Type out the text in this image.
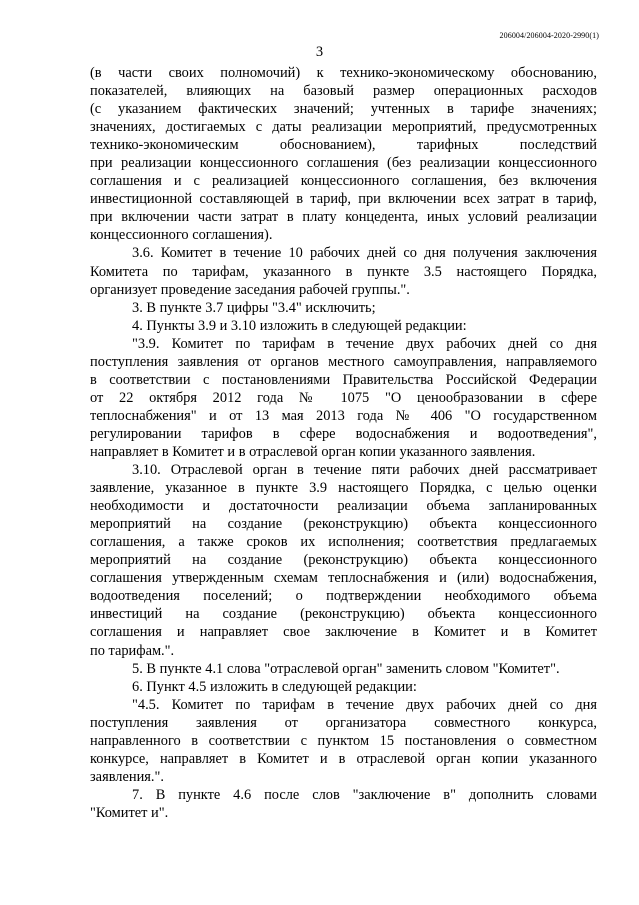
206004/206004-2020-2990(1)
3
(в части своих полномочий) к технико-экономическому обоснованию,
показателей, влияющих на базовый размер операционных расходов
(с указанием фактических значений; учтенных в тарифе значениях;
значениях, достигаемых с даты реализации мероприятий, предусмотренных
технико-экономическим обоснованием), тарифных последствий
при реализации концессионного соглашения (без реализации концессионного
соглашения и с реализацией концессионного соглашения, без включения
инвестиционной составляющей в тариф, при включении всех затрат в тариф,
при включении части затрат в плату концедента, иных условий реализации
концессионного соглашения).
3.6. Комитет в течение 10 рабочих дней со дня получения заключения
Комитета по тарифам, указанного в пункте 3.5 настоящего Порядка,
организует проведение заседания рабочей группы.".
3. В пункте 3.7 цифры "3.4" исключить;
4. Пункты 3.9 и 3.10 изложить в следующей редакции:
"3.9. Комитет по тарифам в течение двух рабочих дней со дня
поступления заявления от органов местного самоуправления, направляемого
в соответствии с постановлениями Правительства Российской Федерации
от 22 октября 2012 года № 1075 "О ценообразовании в сфере
теплоснабжения" и от 13 мая 2013 года № 406 "О государственном
регулировании тарифов в сфере водоснабжения и водоотведения",
направляет в Комитет и в отраслевой орган копии указанного заявления.
3.10. Отраслевой орган в течение пяти рабочих дней рассматривает
заявление, указанное в пункте 3.9 настоящего Порядка, с целью оценки
необходимости и достаточности реализации объема запланированных
мероприятий на создание (реконструкцию) объекта концессионного
соглашения, а также сроков их исполнения; соответствия предлагаемых
мероприятий на создание (реконструкцию) объекта концессионного
соглашения утвержденным схемам теплоснабжения и (или) водоснабжения,
водоотведения поселений; о подтверждении необходимого объема
инвестиций на создание (реконструкцию) объекта концессионного
соглашения и направляет свое заключение в Комитет и в Комитет
по тарифам.".
5. В пункте 4.1 слова "отраслевой орган" заменить словом "Комитет".
6. Пункт 4.5 изложить в следующей редакции:
"4.5. Комитет по тарифам в течение двух рабочих дней со дня
поступления заявления от организатора совместного конкурса,
направленного в соответствии с пунктом 15 постановления о совместном
конкурсе, направляет в Комитет и в отраслевой орган копии указанного
заявления.".
7. В пункте 4.6 после слов "заключение в" дополнить словами
"Комитет и".
